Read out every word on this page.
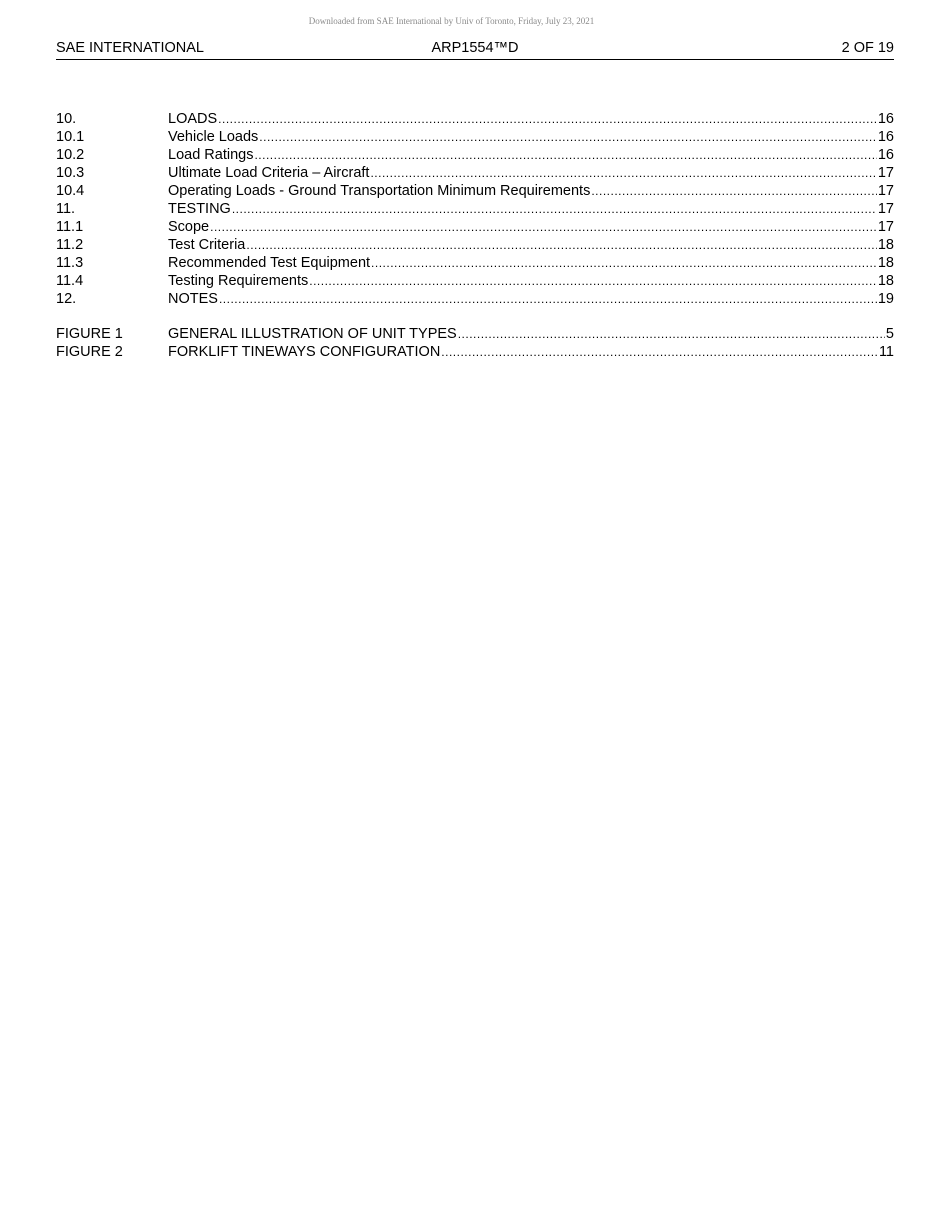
Downloaded from SAE International by Univ of Toronto, Friday, July 23, 2021
ARP1554™D
SAE INTERNATIONAL	2 OF 19
10.	LOADS .....	16
10.1	Vehicle Loads .....	16
10.2	Load Ratings .....	16
10.3	Ultimate Load Criteria – Aircraft .....	17
10.4	Operating Loads - Ground Transportation Minimum Requirements .....	17
11.	TESTING .....	17
11.1	Scope .....	17
11.2	Test Criteria .....	18
11.3	Recommended Test Equipment .....	18
11.4	Testing Requirements .....	18
12.	NOTES .....	19
FIGURE 1	GENERAL ILLUSTRATION OF UNIT TYPES .....	5
FIGURE 2	FORKLIFT TINEWAYS CONFIGURATION .....	11
